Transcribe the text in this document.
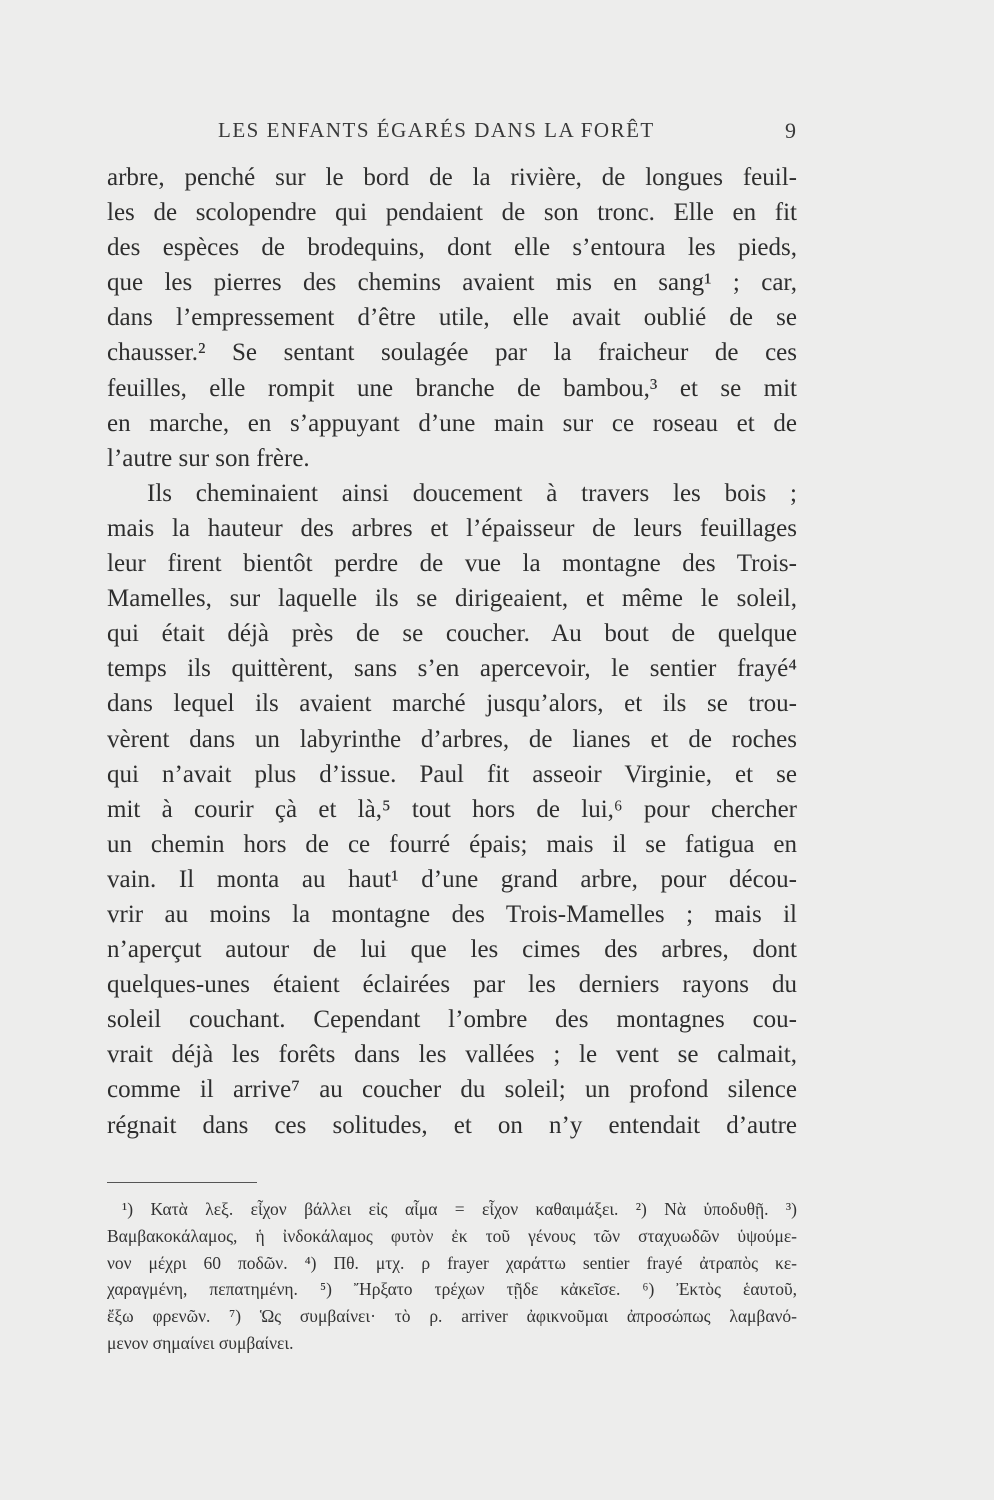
LES ENFANTS ÉGARÉS DANS LA FORÊT	9
arbre, penché sur le bord de la rivière, de longues feuil-
les de scolopendre qui pendaient de son tronc. Elle en fit
des espèces de brodequins, dont elle s’entoura les pieds,
que les pierres des chemins avaient mis en sang¹ ; car,
dans l’empressement d’être utile, elle avait oublié de se
chausser.² Se sentant soulagée par la fraicheur de ces
feuilles, elle rompit une branche de bambou,³ et se mit
en marche, en s’appuyant d’une main sur ce roseau et de
l’autre sur son frère.
Ils cheminaient ainsi doucement à travers les bois ;
mais la hauteur des arbres et l’épaisseur de leurs feuillages
leur firent bientôt perdre de vue la montagne des Trois-
Mamelles, sur laquelle ils se dirigeaient, et même le soleil,
qui était déjà près de se coucher. Au bout de quelque
temps ils quittèrent, sans s’en apercevoir, le sentier frayé⁴
dans lequel ils avaient marché jusqu’alors, et ils se trou-
vèrent dans un labyrinthe d’arbres, de lianes et de roches
qui n’avait plus d’issue. Paul fit asseoir Virginie, et se
mit à courir çà et là,⁵ tout hors de lui,⁶ pour chercher
un chemin hors de ce fourré épais; mais il se fatigua en
vain. Il monta au haut¹ d’une grand arbre, pour décou-
vrir au moins la montagne des Trois-Mamelles ; mais il
n’aperçut autour de lui que les cimes des arbres, dont
quelques-unes étaient éclairées par les derniers rayons du
soleil couchant. Cependant l’ombre des montagnes cou-
vrait déjà les forêts dans les vallées ; le vent se calmait,
comme il arrive⁷ au coucher du soleil; un profond silence
régnait dans ces solitudes, et on n’y entendait d’autre
¹) Κατὰ λεξ. εἶχον βάλλει εἰς αἷμα = εἶχον καθαιμάξει. ²) Νὰ ὑποδυθῇ. ³)
Βαμβακοκάλαμος, ἡ ἰνδοκάλαμος φυτὸν ἐκ τοῦ γένους τῶν σταχυωδῶν ὑψούμε-
νον μέχρι 60 ποδῶν. ⁴) Πθ. μτχ. ρ frayer χαράττω sentier frayé ἀτραπὸς κε-
χαραγμένη, πεπατημένη. ⁵) Ἤρξατο τρέχων τῇδε κἀκεῖσε. ⁶) Ἐκτὸς ἑαυτοῦ,
ἔξω φρενῶν. ⁷) Ὡς συμβαίνει· τὸ ρ. arriver ἀφικνοῦμαι ἀπροσώπως λαμβανό-
μενον σημαίνει συμβαίνει.
